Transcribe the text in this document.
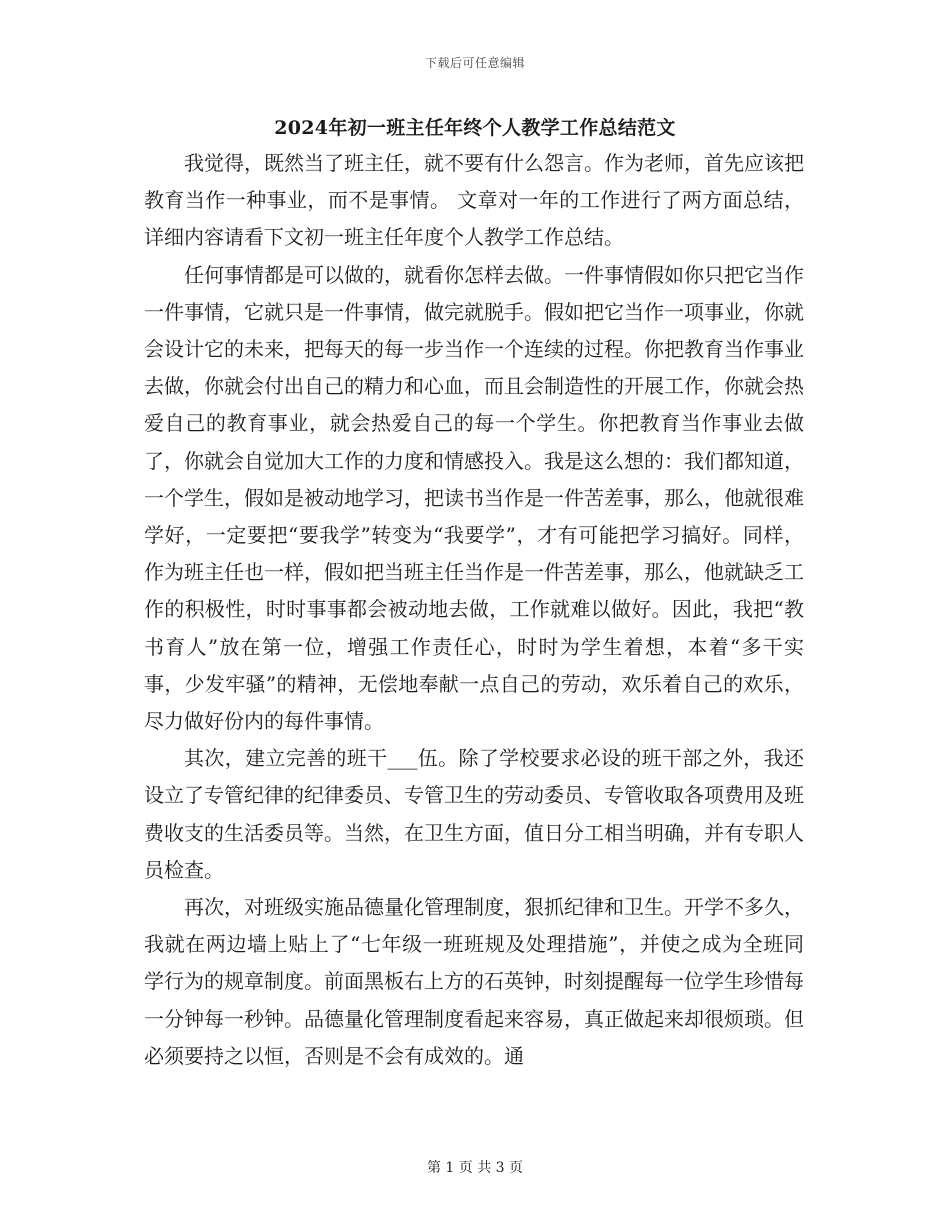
下载后可任意编辑
2024年初一班主任年终个人教学工作总结范文

我觉得，既然当了班主任，就不要有什么怨言。作为老师，首先应该把教育当作一种事业，而不是事情。 文章对一年的工作进行了两方面总结，详细内容请看下文初一班主任年度个人教学工作总结。

任何事情都是可以做的，就看你怎样去做。一件事情假如你只把它当作一件事情，它就只是一件事情，做完就脱手。假如把它当作一项事业，你就会设计它的未来，把每天的每一步当作一个连续的过程。你把教育当作事业去做，你就会付出自己的精力和心血，而且会制造性的开展工作，你就会热爱自己的教育事业，就会热爱自己的每一个学生。你把教育当作事业去做了，你就会自觉加大工作的力度和情感投入。我是这么想的：我们都知道，一个学生，假如是被动地学习，把读书当作是一件苦差事，那么，他就很难学好，一定要把“要我学”转变为“我要学”，才有可能把学习搞好。同样，作为班主任也一样，假如把当班主任当作是一件苦差事，那么，他就缺乏工作的积极性，时时事事都会被动地去做，工作就难以做好。因此，我把“教书育人”放在第一位，增强工作责任心，时时为学生着想，本着“多干实事，少发牢骚”的精神，无偿地奉献一点自己的劳动，欢乐着自己的欢乐，尽力做好份内的每件事情。

其次，建立完善的班干___伍。除了学校要求必设的班干部之外，我还设立了专管纪律的纪律委员、专管卫生的劳动委员、专管收取各项费用及班费收支的生活委员等。当然，在卫生方面，值日分工相当明确，并有专职人员检查。

再次，对班级实施品德量化管理制度，狠抓纪律和卫生。开学不多久，我就在两边墙上贴上了“七年级一班班规及处理措施”，并使之成为全班同学行为的规章制度。前面黑板右上方的石英钟，时刻提醒每一位学生珍惜每一分钟每一秒钟。品德量化管理制度看起来容易，真正做起来却很烦琐。但必须要持之以恒，否则是不会有成效的。通

第 1 页 共 3 页
